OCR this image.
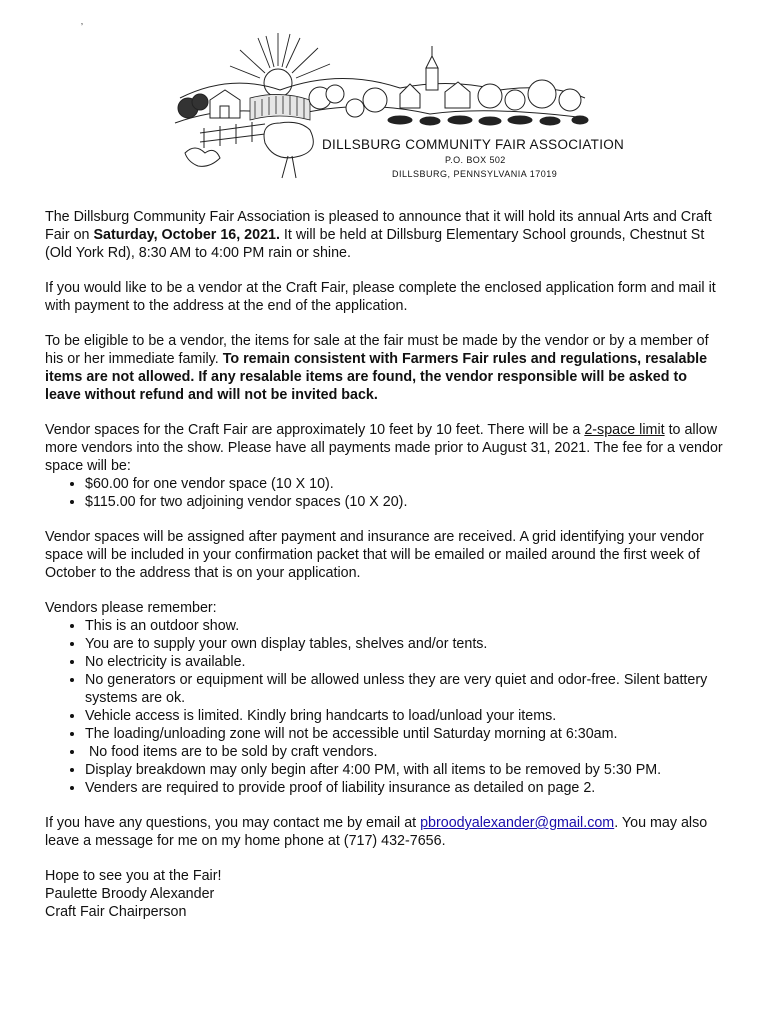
ʼ
DILLSBURG COMMUNITY FAIR ASSOCIATION
P.O. BOX 502
DILLSBURG, PENNSYLVANIA 17019

The Dillsburg Community Fair Association is pleased to announce that it will hold its annual Arts and Craft Fair on Saturday, October 16, 2021. It will be held at Dillsburg Elementary School grounds, Chestnut St (Old York Rd), 8:30 AM to 4:00 PM rain or shine.

If you would like to be a vendor at the Craft Fair, please complete the enclosed application form and mail it with payment to the address at the end of the application.

To be eligible to be a vendor, the items for sale at the fair must be made by the vendor or by a member of his or her immediate family. To remain consistent with Farmers Fair rules and regulations, resalable items are not allowed. If any resalable items are found, the vendor responsible will be asked to leave without refund and will not be invited back.

Vendor spaces for the Craft Fair are approximately 10 feet by 10 feet. There will be a 2-space limit to allow more vendors into the show. Please have all payments made prior to August 31, 2021. The fee for a vendor space will be:

• $60.00 for one vendor space (10 X 10).
• $115.00 for two adjoining vendor spaces (10 X 20).

Vendor spaces will be assigned after payment and insurance are received. A grid identifying your vendor space will be included in your confirmation packet that will be emailed or mailed around the first week of October to the address that is on your application.

Vendors please remember:

• This is an outdoor show.
• You are to supply your own display tables, shelves and/or tents.
• No electricity is available.
• No generators or equipment will be allowed unless they are very quiet and odor-free. Silent battery systems are ok.
• Vehicle access is limited. Kindly bring handcarts to load/unload your items.
• The loading/unloading zone will not be accessible until Saturday morning at 6:30am.
•  No food items are to be sold by craft vendors.
• Display breakdown may only begin after 4:00 PM, with all items to be removed by 5:30 PM.
• Venders are required to provide proof of liability insurance as detailed on page 2.

If you have any questions, you may contact me by email at pbroodyalexander@gmail.com. You may also leave a message for me on my home phone at (717) 432-7656.

Hope to see you at the Fair!

Paulette Broody Alexander

Craft Fair Chairperson
